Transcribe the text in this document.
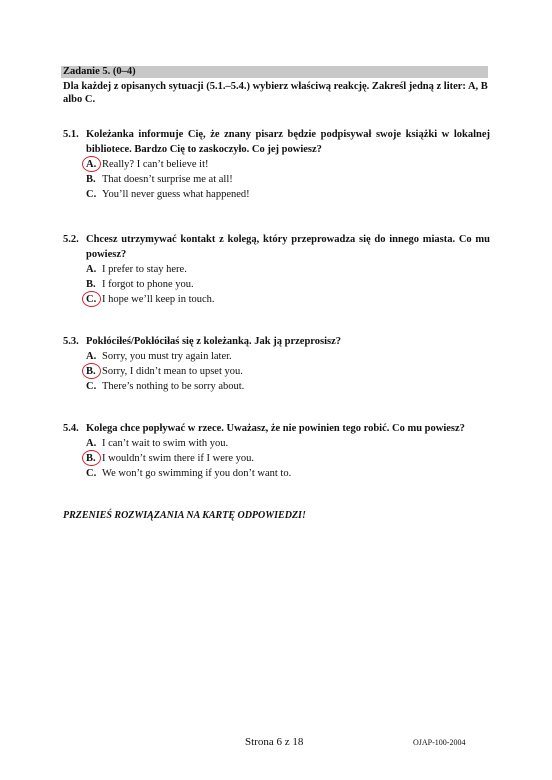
Zadanie 5. (0–4)
Dla każdej z opisanych sytuacji (5.1.–5.4.) wybierz właściwą reakcję. Zakreśl jedną z liter: A, B albo C.
5.1. Koleżanka informuje Cię, że znany pisarz będzie podpisywał swoje książki w lokalnej bibliotece. Bardzo Cię to zaskoczyło. Co jej powiesz?
A. Really? I can’t believe it!
B. That doesn’t surprise me at all!
C. You’ll never guess what happened!
5.2. Chcesz utrzymywać kontakt z kolegą, który przeprowadza się do innego miasta. Co mu powiesz?
A. I prefer to stay here.
B. I forgot to phone you.
C. I hope we’ll keep in touch.
5.3. Pokłóciłeś/Pokłóciłaś się z koleżanką. Jak ją przeprosisz?
A. Sorry, you must try again later.
B. Sorry, I didn’t mean to upset you.
C. There’s nothing to be sorry about.
5.4. Kolega chce popływać w rzece. Uważasz, że nie powinien tego robić. Co mu powiesz?
A. I can’t wait to swim with you.
B. I wouldn’t swim there if I were you.
C. We won’t go swimming if you don’t want to.
PRZENIEŚ ROZWIĄZANIA NA KARTĘ ODPOWIEDZI!
Strona 6 z 18	OJAP-100-2004
